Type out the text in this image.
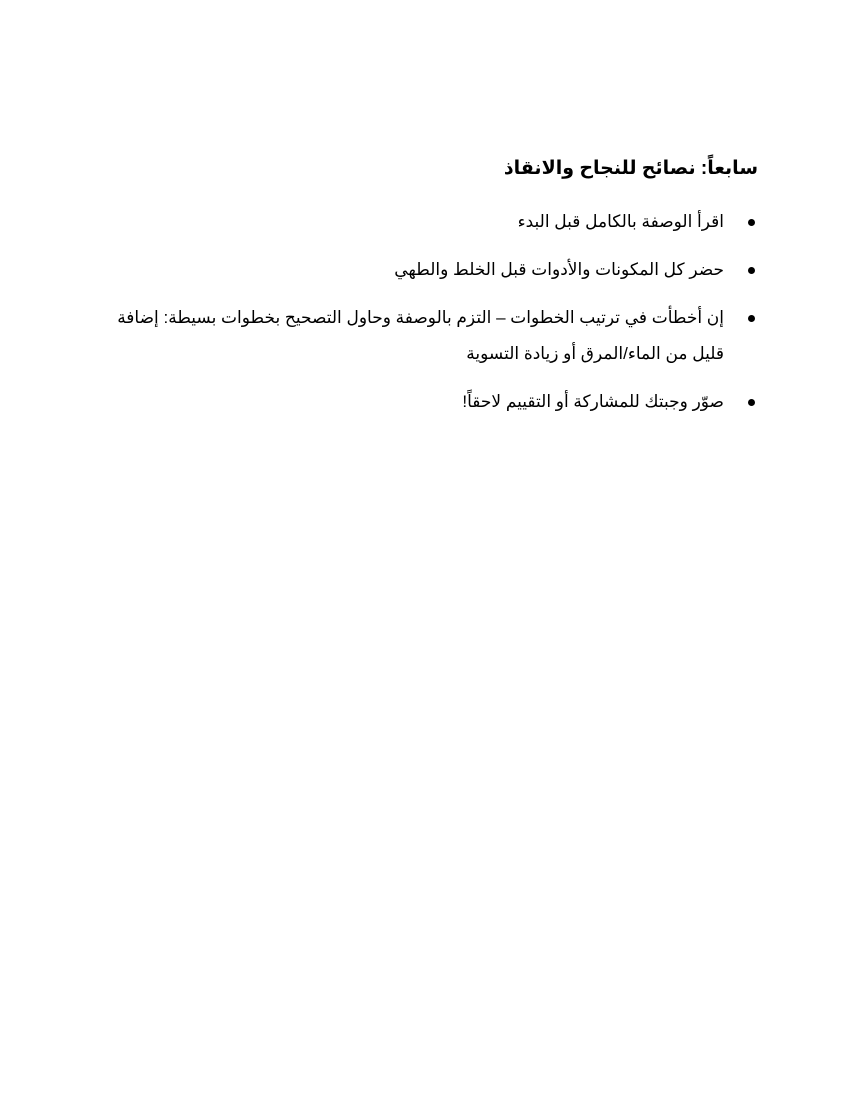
سابعاً: نصائح للنجاح والانقاذ
اقرأ الوصفة بالكامل قبل البدء
حضر كل المكونات والأدوات قبل الخلط والطهي
إن أخطأت في ترتيب الخطوات – التزم بالوصفة وحاول التصحيح بخطوات بسيطة: إضافة قليل من الماء/المرق أو زيادة التسوية
صوّر وجبتك للمشاركة أو التقييم لاحقاً!
